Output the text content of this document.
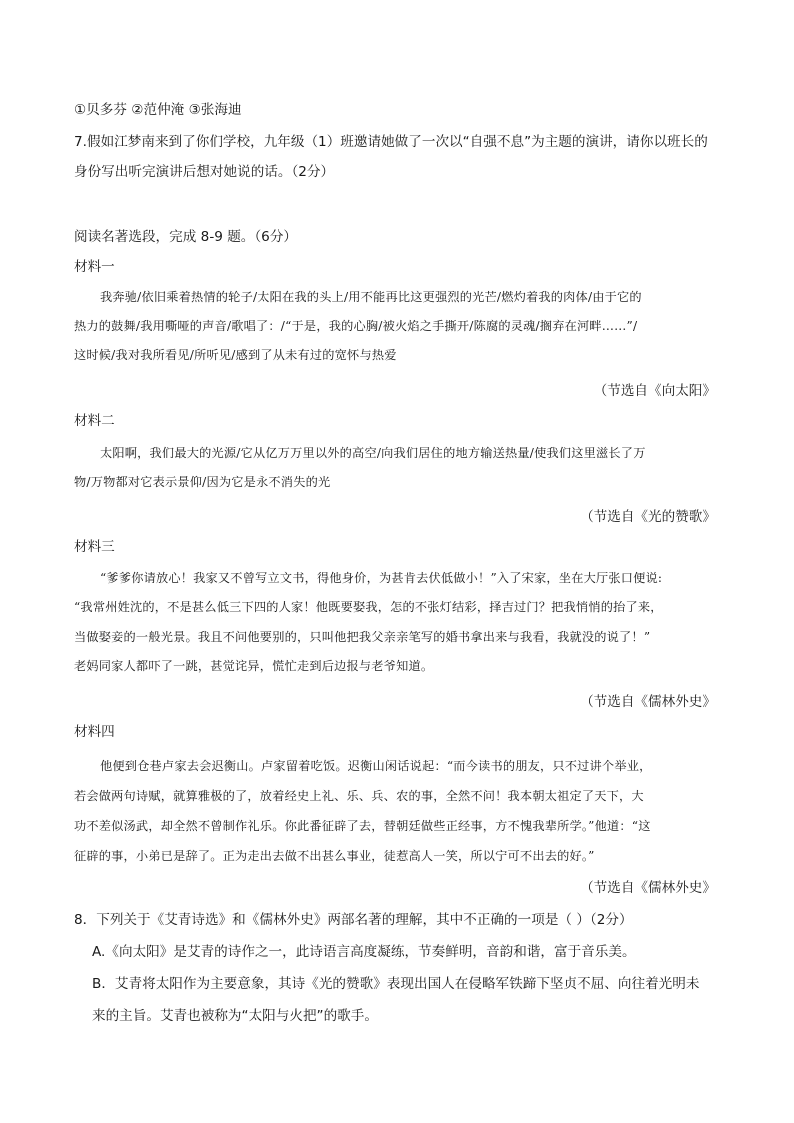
①贝多芬 ②范仲淹 ③张海迪
7.假如江梦南来到了你们学校，九年级（1）班邀请她做了一次以“自强不息”为主题的演讲，请你以班长的
身份写出听完演讲后想对她说的话。（2分）
阅读名著选段，完成 8-9 题。（6分）
材料一
我奔驰/依旧乘着热情的轮子/太阳在我的头上/用不能再比这更强烈的光芒/燃灼着我的肉体/由于它的
热力的鼓舞/我用嘶哑的声音/歌唱了：/“于是，我的心胸/被火焰之手撕开/陈腐的灵魂/搁弃在河畔……”/
这时候/我对我所看见/所听见/感到了从未有过的宽怀与热爱
（节选自《向太阳》
材料二
太阳啊，我们最大的光源/它从亿万万里以外的高空/向我们居住的地方输送热量/使我们这里滋长了万
物/万物都对它表示景仰/因为它是永不消失的光
（节选自《光的赞歌》
材料三
“爹爹你请放心！我家又不曾写立文书，得他身价，为甚肯去伏低做小！”入了宋家，坐在大厅张口便说:
“我常州姓沈的，不是甚么低三下四的人家！他既要娶我，怎的不张灯结彩，择吉过门？把我悄悄的抬了来，
当做娶妾的一般光景。我且不问他要别的，只叫他把我父亲亲笔写的婚书拿出来与我看，我就没的说了！”
老妈同家人都吓了一跳，甚觉诧异，慌忙走到后边报与老爷知道。
（节选自《儒林外史》
材料四
他便到仓巷卢家去会迟衡山。卢家留着吃饭。迟衡山闲话说起：“而今读书的朋友，只不过讲个举业，
若会做两句诗赋，就算雅极的了，放着经史上礼、乐、兵、农的事，全然不问！我本朝太祖定了天下，大
功不差似汤武，却全然不曾制作礼乐。你此番征辟了去，替朝廷做些正经事，方不愧我辈所学。”他道：“这
征辟的事，小弟已是辞了。正为走出去做不出甚么事业，徒惹高人一笑，所以宁可不出去的好。”
（节选自《儒林外史》
8．下列关于《艾青诗选》和《儒林外史》两部名著的理解，其中不正确的一项是（ ）（2分）
A.《向太阳》是艾青的诗作之一，此诗语言高度凝练，节奏鲜明，音韵和谐，富于音乐美。
B．艾青将太阳作为主要意象，其诗《光的赞歌》表现出国人在侵略军铁蹄下坚贞不屈、向往着光明未
来的主旨。艾青也被称为“太阳与火把”的歌手。
